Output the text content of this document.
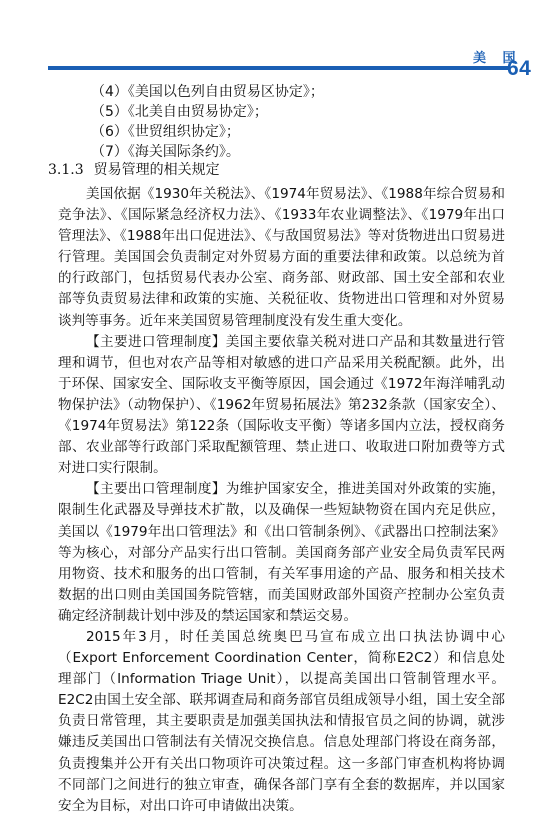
美 国
64
（4）《美国以色列自由贸易区协定》；
（5）《北美自由贸易协定》；
（6）《世贸组织协定》；
（7）《海关国际条约》。
3.1.3 贸易管理的相关规定

美国依据《1930年关税法》、《1974年贸易法》、《1988年综合贸易和竞争法》、《国际紧急经济权力法》、《1933年农业调整法》、《1979年出口管理法》、《1988年出口促进法》、《与敌国贸易法》等对货物进出口贸易进行管理。美国国会负责制定对外贸易方面的重要法律和政策。以总统为首的行政部门，包括贸易代表办公室、商务部、财政部、国土安全部和农业部等负责贸易法律和政策的实施、关税征收、货物进出口管理和对外贸易谈判等事务。近年来美国贸易管理制度没有发生重大变化。

【主要进口管理制度】美国主要依靠关税对进口产品和其数量进行管理和调节，但也对农产品等相对敏感的进口产品采用关税配额。此外，出于环保、国家安全、国际收支平衡等原因，国会通过《1972年海洋哺乳动物保护法》（动物保护）、《1962年贸易拓展法》第232条款（国家安全）、《1974年贸易法》第122条（国际收支平衡）等诸多国内立法，授权商务部、农业部等行政部门采取配额管理、禁止进口、收取进口附加费等方式对进口实行限制。

【主要出口管理制度】为维护国家安全，推进美国对外政策的实施，限制生化武器及导弹技术扩散，以及确保一些短缺物资在国内充足供应，美国以《1979年出口管理法》和《出口管制条例》、《武器出口控制法案》等为核心，对部分产品实行出口管制。美国商务部产业安全局负责军民两用物资、技术和服务的出口管制，有关军事用途的产品、服务和相关技术数据的出口则由美国国务院管辖，而美国财政部外国资产控制办公室负责确定经济制裁计划中涉及的禁运国家和禁运交易。

2015年3月，时任美国总统奥巴马宣布成立出口执法协调中心（Export Enforcement Coordination Center，简称E2C2）和信息处理部门（Information Triage Unit），以提高美国出口管制管理水平。E2C2由国土安全部、联邦调查局和商务部官员组成领导小组，国土安全部负责日常管理，其主要职责是加强美国执法和情报官员之间的协调，就涉嫌违反美国出口管制法有关情况交换信息。信息处理部门将设在商务部，负责搜集并公开有关出口物项许可决策过程。这一多部门审查机构将协调不同部门之间进行的独立审查，确保各部门享有全套的数据库，并以国家安全为目标，对出口许可申请做出决策。
